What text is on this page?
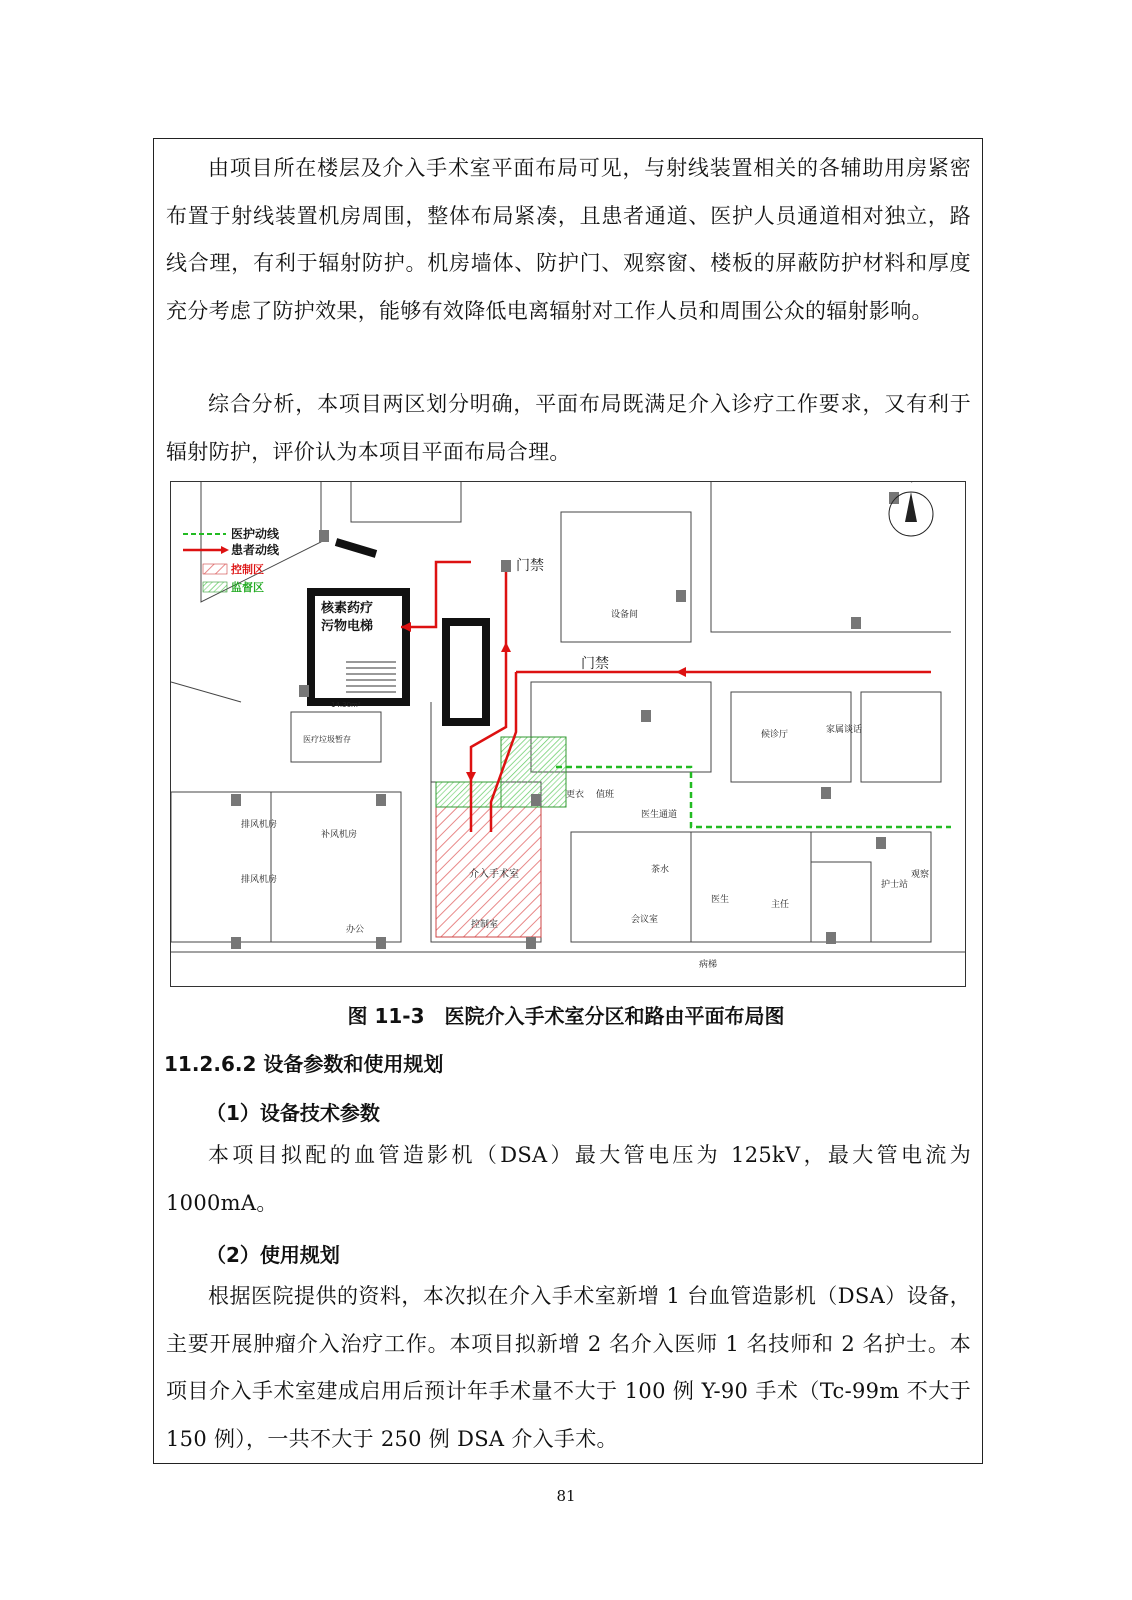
由项目所在楼层及介入手术室平面布局可见，与射线装置相关的各辅助用房紧密布置于射线装置机房周围，整体布局紧凑，且患者通道、医护人员通道相对独立，路线合理，有利于辐射防护。机房墙体、防护门、观察窗、楼板的屏蔽防护材料和厚度充分考虑了防护效果，能够有效降低电离辐射对工作人员和周围公众的辐射影响。

综合分析，本项目两区划分明确，平面布局既满足介入诊疗工作要求，又有利于辐射防护，评价认为本项目平面布局合理。

医护动线
患者动线
控制区
监督区
门禁
门禁
核素药疗
污物电梯
介入手术室
控制室
医生通道
医生	主任
办公
排风机房
排风机房
补风机房
候诊厅	家属谈话
茶水
会议室
设备间
14.30m²
医疗垃圾暂存
更衣 值班
护士站
病梯
观察
图 11-3　医院介入手术室分区和路由平面布局图
11.2.6.2 设备参数和使用规划
（1）设备技术参数

本项目拟配的血管造影机（DSA）最大管电压为 125kV，最大管电流为1000mA。

（2）使用规划

根据医院提供的资料，本次拟在介入手术室新增 1 台血管造影机（DSA）设备，主要开展肿瘤介入治疗工作。本项目拟新增 2 名介入医师 1 名技师和 2 名护士。本项目介入手术室建成启用后预计年手术量不大于 100 例 Y-90 手术（Tc-99m 不大于 150 例），一共不大于 250 例 DSA 介入手术。

81
